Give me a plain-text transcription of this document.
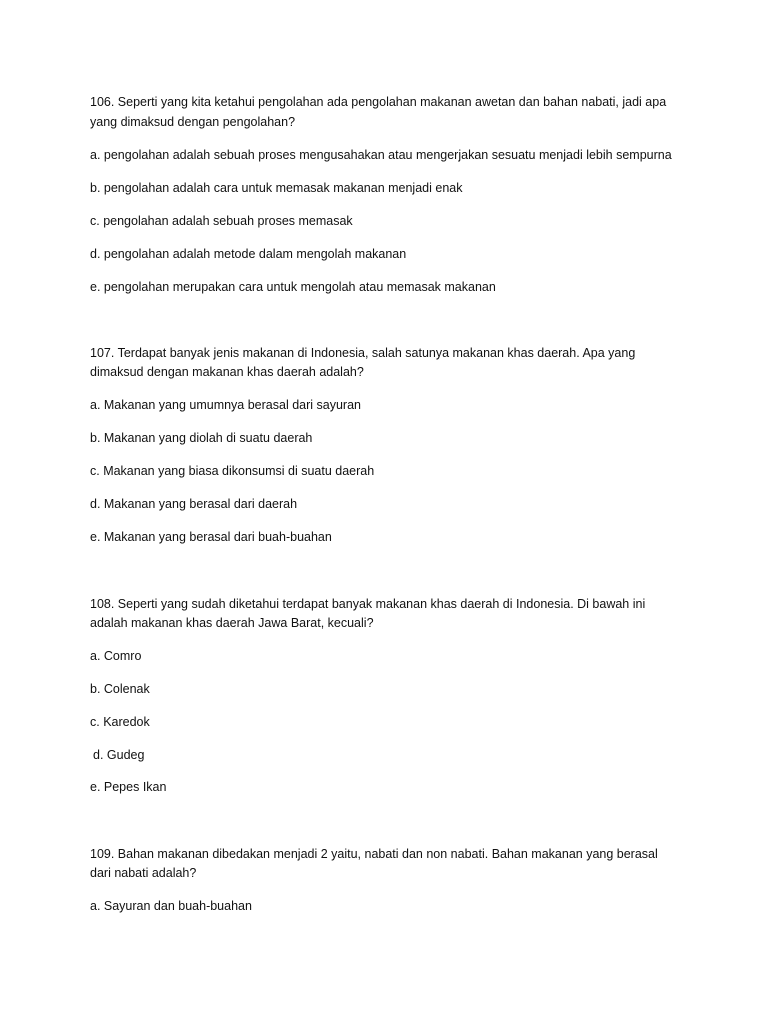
106. Seperti yang kita ketahui pengolahan ada pengolahan makanan awetan dan bahan nabati, jadi apa
yang dimaksud dengan pengolahan?
a. pengolahan adalah sebuah proses mengusahakan atau mengerjakan sesuatu menjadi lebih sempurna
b. pengolahan adalah cara untuk memasak makanan menjadi enak
c. pengolahan adalah sebuah proses memasak
d. pengolahan adalah metode dalam mengolah makanan
e. pengolahan merupakan cara untuk mengolah atau memasak makanan
107. Terdapat banyak jenis makanan di Indonesia, salah satunya makanan khas daerah. Apa yang
dimaksud dengan makanan khas daerah adalah?
a. Makanan yang umumnya berasal dari sayuran
b. Makanan yang diolah di suatu daerah
c. Makanan yang biasa dikonsumsi di suatu daerah
d. Makanan yang berasal dari daerah
e. Makanan yang berasal dari buah-buahan
108. Seperti yang sudah diketahui terdapat banyak makanan khas daerah di Indonesia. Di bawah ini
adalah makanan khas daerah Jawa Barat, kecuali?
a. Comro
b. Colenak
c. Karedok
d. Gudeg
e. Pepes Ikan
109. Bahan makanan dibedakan menjadi 2 yaitu, nabati dan non nabati. Bahan makanan yang berasal
dari nabati adalah?
a. Sayuran dan buah-buahan
